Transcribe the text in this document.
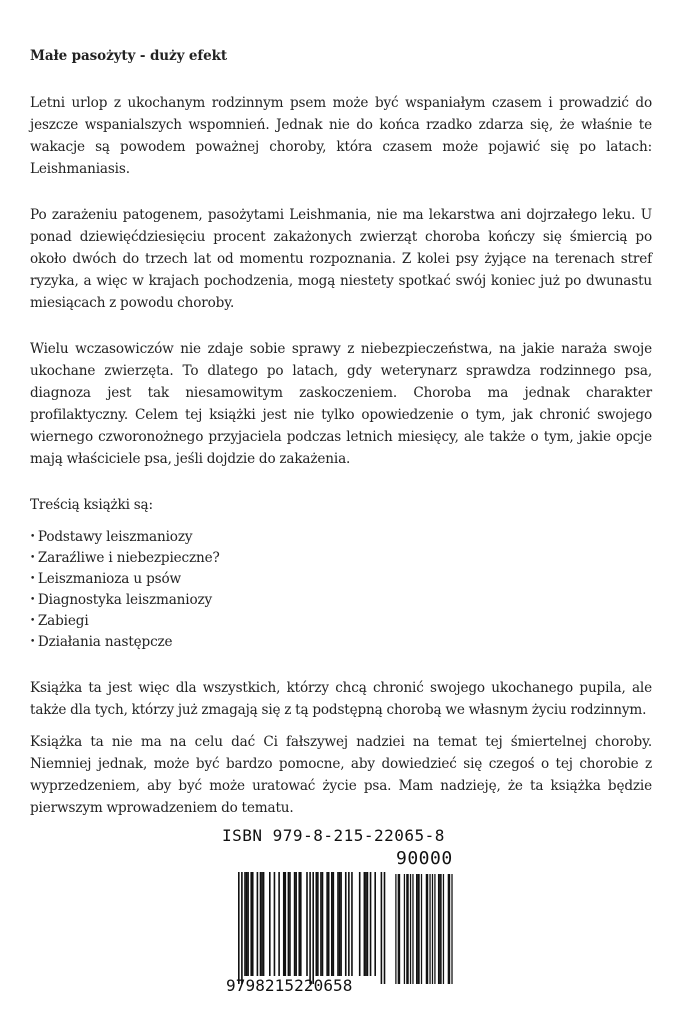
Małe pasożyty - duży efekt

Letni urlop z ukochanym rodzinnym psem może być wspaniałym czasem i prowadzić do jeszcze wspanialszych wspomnień. Jednak nie do końca rzadko zdarza się, że właśnie te wakacje są powodem poważnej choroby, która czasem może pojawić się po latach: Leishmaniasis.

Po zarażeniu patogenem, pasożytami Leishmania, nie ma lekarstwa ani dojrzałego leku. U ponad dziewięćdziesięciu procent zakażonych zwierząt choroba kończy się śmiercią po około dwóch do trzech lat od momentu rozpoznania. Z kolei psy żyjące na terenach stref ryzyka, a więc w krajach pochodzenia, mogą niestety spotkać swój koniec już po dwunastu miesiącach z powodu choroby.

Wielu wczasowiczów nie zdaje sobie sprawy z niebezpieczeństwa, na jakie naraża swoje ukochane zwierzęta. To dlatego po latach, gdy weterynarz sprawdza rodzinnego psa, diagnoza jest tak niesamowitym zaskoczeniem. Choroba ma jednak charakter profilaktyczny. Celem tej książki jest nie tylko opowiedzenie o tym, jak chronić swojego wiernego czworonożnego przyjaciela podczas letnich miesięcy, ale także o tym, jakie opcje mają właściciele psa, jeśli dojdzie do zakażenia.

Treścią książki są:

• Podstawy leiszmaniozy
• Zaraźliwe i niebezpieczne?
• Leiszmanioza u psów
• Diagnostyka leiszmaniozy
• Zabiegi
• Działania następcze

Książka ta jest więc dla wszystkich, którzy chcą chronić swojego ukochanego pupila, ale także dla tych, którzy już zmagają się z tą podstępną chorobą we własnym życiu rodzinnym.

Książka ta nie ma na celu dać Ci fałszywej nadziei na temat tej śmiertelnej choroby. Niemniej jednak, może być bardzo pomocne, aby dowiedzieć się czegoś o tej chorobie z wyprzedzeniem, aby być może uratować życie psa. Mam nadzieję, że ta książka będzie pierwszym wprowadzeniem do tematu.

ISBN 979-8-215-22065-8
90000
9798215220658
